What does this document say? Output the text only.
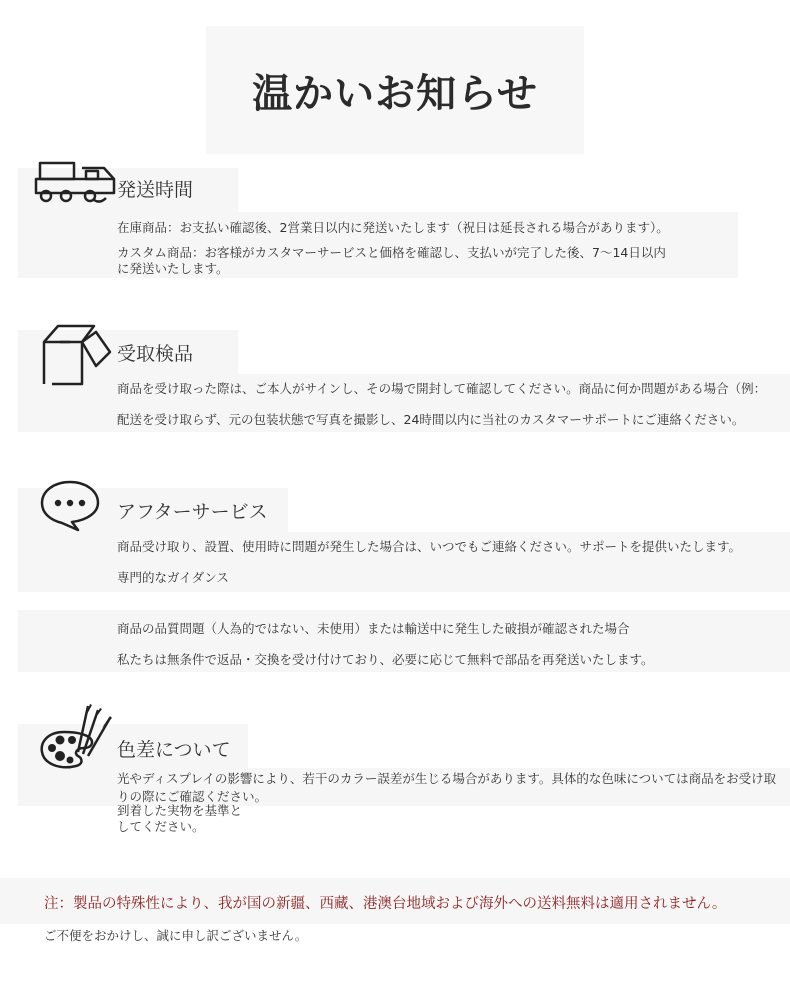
温かいお知らせ
発送時間
在庫商品：お支払い確認後、2営業日以内に発送いたします（祝日は延長される場合があります）。
カスタム商品：お客様がカスタマーサービスと価格を確認し、支払いが完了した後、7～14日以内
に発送いたします。
受取検品
商品を受け取った際は、ご本人がサインし、その場で開封して確認してください。商品に何か問題がある場合（例：
配送を受け取らず、元の包装状態で写真を撮影し、24時間以内に当社のカスタマーサポートにご連絡ください。
アフターサービス
商品受け取り、設置、使用時に問題が発生した場合は、いつでもご連絡ください。サポートを提供いたします。
専門的なガイダンス
商品の品質問題（人為的ではない、未使用）または輸送中に発生した破損が確認された場合
私たちは無条件で返品・交換を受け付けており、必要に応じて無料で部品を再発送いたします。
色差について
光やディスプレイの影響により、若干のカラー誤差が生じる場合があります。具体的な色味については商品をお受け取
りの際にご確認ください。
到着した実物を基準と
してください。
注：製品の特殊性により、我が国の新疆、西藏、港澳台地域および海外への送料無料は適用されません。
ご不便をおかけし、誠に申し訳ございません。
